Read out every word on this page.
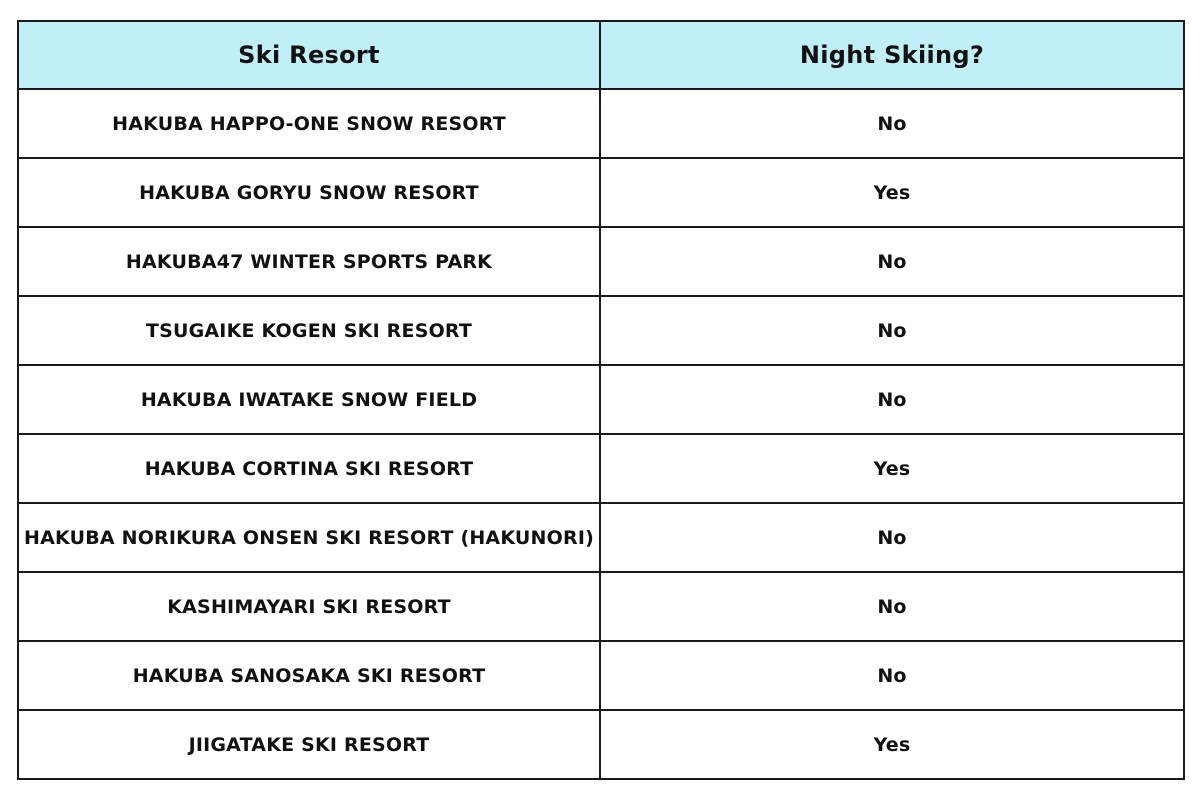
Ski Resort	Night Skiing?
HAKUBA HAPPO-ONE SNOW RESORT	No
HAKUBA GORYU SNOW RESORT	Yes
HAKUBA47 WINTER SPORTS PARK	No
TSUGAIKE KOGEN SKI RESORT	No
HAKUBA IWATAKE SNOW FIELD	No
HAKUBA CORTINA SKI RESORT	Yes
HAKUBA NORIKURA ONSEN SKI RESORT (HAKUNORI)	No
KASHIMAYARI SKI RESORT	No
HAKUBA SANOSAKA SKI RESORT	No
JIIGATAKE SKI RESORT	Yes
